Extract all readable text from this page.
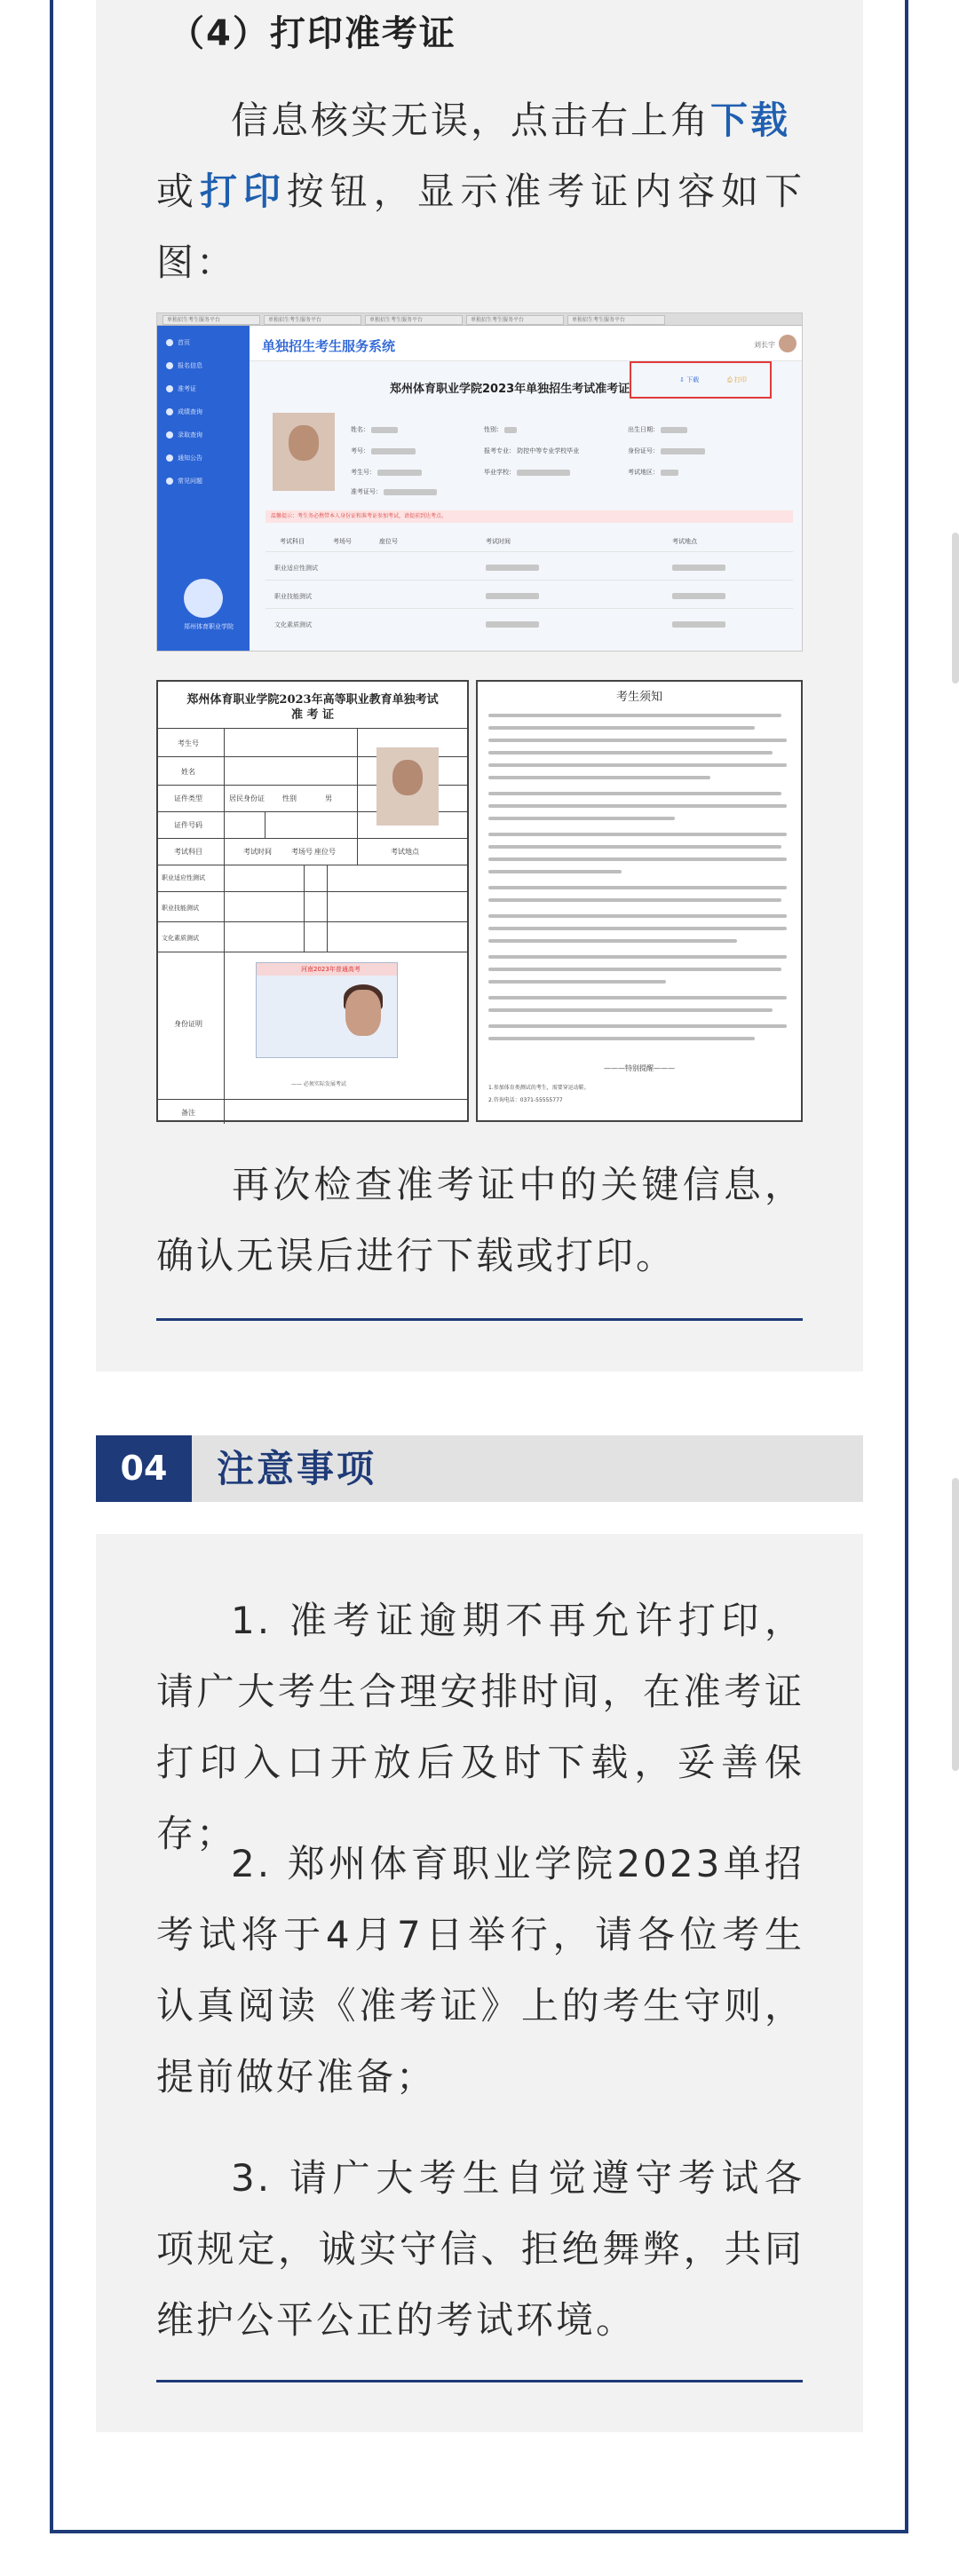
（4）打印准考证
信息核实无误，点击右上角下载
或打印按钮，显示准考证内容如下图：
单独招生考生服务平台	单独招生考生服务平台	单独招生考生服务平台	单独招生考生服务平台	单独招生考生服务平台
首页
报名信息
准考证
成绩查询
录取查询
通知公告
常见问题
郑州体育职业学院
单独招生考生服务系统	刘长宇
郑州体育职业学院2023年单独招生考试准考证
⇩ 下载	⎙ 打印
姓名：	性别：	出生日期：
考号：	报考专业： 防控中等专业学校毕业	身份证号：
考生号：	毕业学校：	考试地区：
准考证号：
温馨提示：考生务必携带本人身份证和准考证参加考试，请提前到达考点。
考试科目	考场号	座位号	考试时间	考试地点
职业适应性测试
职业技能测试
文化素质测试
郑州体育职业学院2023年高等职业教育单独考试
准 考 证
考生号
姓名
证件类型	居民身份证	性别	男
证件号码
考试科目	考试时间	考场号 座位号	考试地点
职业适应性测试
职业技能测试
文化素质测试
身份证明
河南2023年普通高考
—— 必须实际发展考试
备注
考生须知
———特别提醒———
1.参加体育类测试的考生，需要穿运动鞋。
2.咨询电话：0371-55555777
再次检查准考证中的关键信息，确认无误后进行下载或打印。
04	注意事项
1. 准考证逾期不再允许打印，请广大考生合理安排时间，在准考证打印入口开放后及时下载，妥善保存；
2. 郑州体育职业学院2023单招考试将于4月7日举行，请各位考生认真阅读《准考证》上的考生守则，提前做好准备；
3. 请广大考生自觉遵守考试各项规定，诚实守信、拒绝舞弊，共同维护公平公正的考试环境。
